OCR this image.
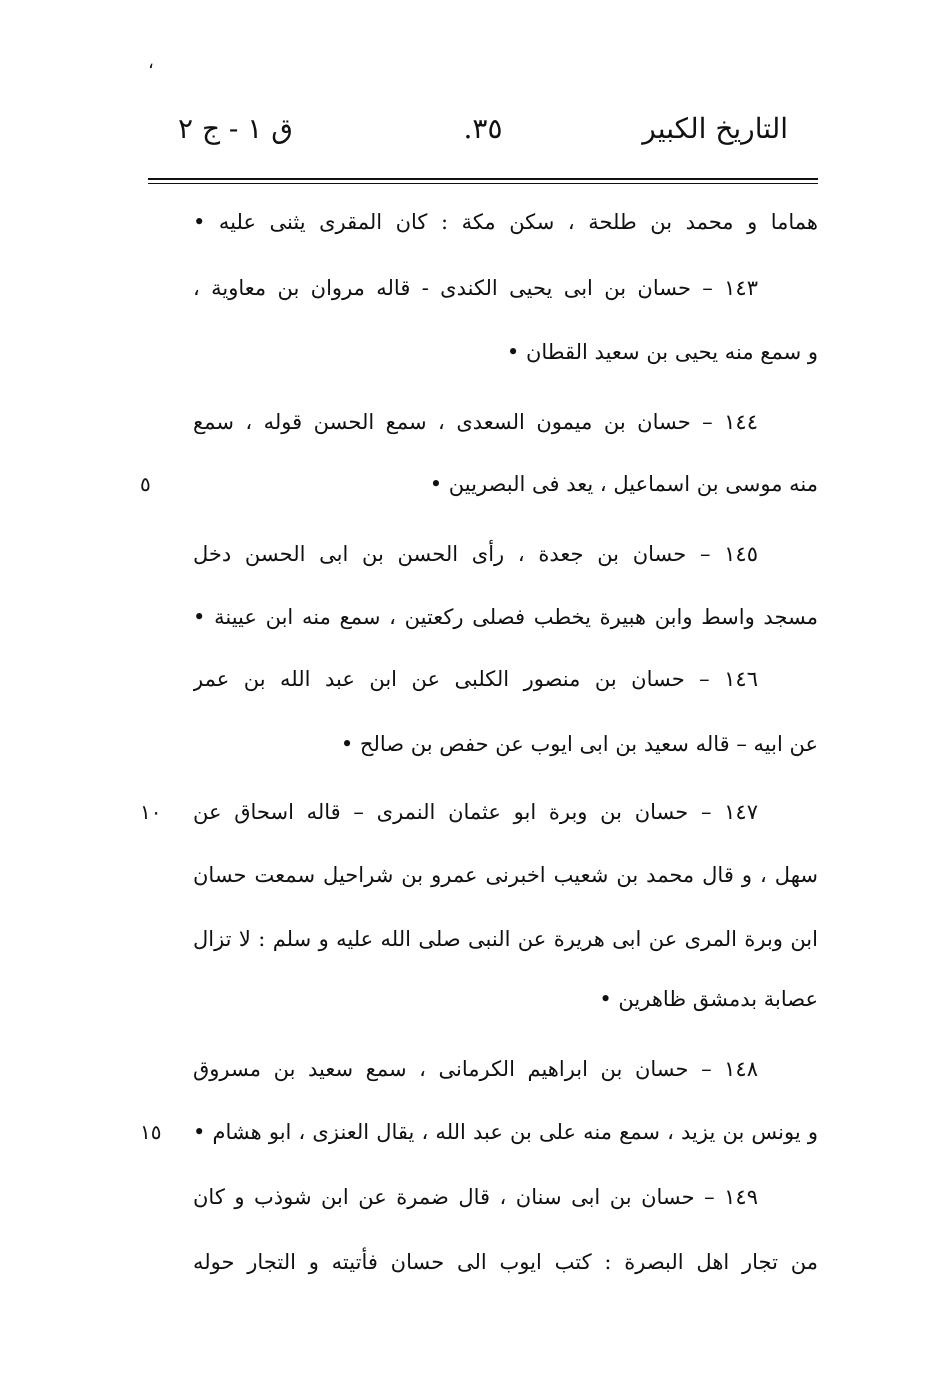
،
التاريخ الكبير
٣٥.
ق ١ - ج ٢
هماما و محمد بن طلحة ، سكن مكة : كان المقرى يثنى عليه •
١٤٣ – حسان بن ابى يحيى الكندى - قاله مروان بن معاوية ،
و سمع منه يحيى بن سعيد القطان •
١٤٤ – حسان بن ميمون السعدى ، سمع الحسن قوله ، سمع
منه موسى بن اسماعيل ، يعد فى البصريين •
١٤٥ – حسان بن جعدة ، رأى الحسن بن ابى الحسن دخل
مسجد واسط وابن هبيرة يخطب فصلى ركعتين ، سمع منه ابن عيينة •
١٤٦ – حسان بن منصور الكلبى عن ابن عبد الله بن عمر
عن ابيه – قاله سعيد بن ابى ايوب عن حفص بن صالح •
١٤٧ – حسان بن وبرة ابو عثمان النمرى – قاله اسحاق عن
سهل ، و قال محمد بن شعيب اخبرنى عمرو بن شراحيل سمعت حسان
ابن وبرة المرى عن ابى هريرة عن النبى صلى الله عليه و سلم : لا تزال
عصابة بدمشق ظاهرين •
١٤٨ – حسان بن ابراهيم الكرمانى ، سمع سعيد بن مسروق
و يونس بن يزيد ، سمع منه على بن عبد الله ، يقال العنزى ، ابو هشام •
١٤٩ – حسان بن ابى سنان ، قال ضمرة عن ابن شوذب و كان
من تجار اهل البصرة : كتب ايوب الى حسان فأتيته و التجار حوله
٥
١٠
١٥
